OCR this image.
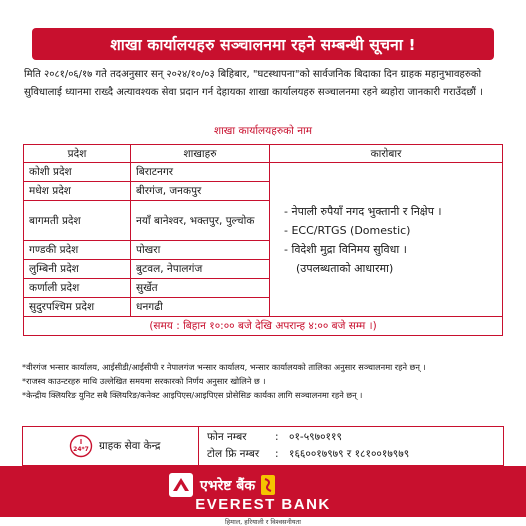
शाखा कार्यालयहरु सञ्चालनमा रहने सम्बन्धी सूचना !
मिति २०८१/०६/१७ गते तदअनुसार सन् २०२४/१०/०३ बिहिबार, "घटस्थापना"को सार्वजनिक बिदाका दिन ग्राहक महानुभावहरुको सुविधालाई ध्यानमा राख्दै अत्यावश्यक सेवा प्रदान गर्न देहायका शाखा कार्यालयहरु सञ्चालनमा रहने ब्यहोरा जानकारी गराउँदछौं ।
शाखा कार्यालयहरुको नाम
प्रदेश	शाखाहरु	कारोबार
कोशी प्रदेश	बिराटनगर	- नेपाली रुपैयाँ नगद भुक्तानी र निक्षेप ।
- ECC/RTGS (Domestic)
- विदेशी मुद्रा विनिमय सुविधा ।
(उपलब्धताको आधारमा)

मधेश प्रदेश	बीरगंज, जनकपुर	
बागमती प्रदेश	नयाँ बानेश्वर, भक्तपुर, पुल्चोक	
गण्डकी प्रदेश	पोखरा	
लुम्बिनी प्रदेश	बुटवल, नेपालगंज	
कर्णाली प्रदेश	सुर्खेत	
सुदुरपश्चिम प्रदेश	धनगढी	
(समय : बिहान १०:०० बजे देखि अपरान्ह ४:०० बजे सम्म ।)		

*वीरगंज भन्सार कार्यालय, आईसीडी/आईसीपी र नेपालगंज भन्सार कार्यालय, भन्सार कार्यालयको तालिका अनुसार सञ्चालनमा रहने छन् ।

*राजस्व काउन्टरहरु माथि उल्लेखित समयमा सरकारको निर्णय अनुसार खोलिने छ ।

*केन्द्रीय क्लियरिङ युनिट सबै क्लियरिङ/कनेक्ट आइपिएस/आइपिएस प्रोसेसिङ कार्यका लागि सञ्चालनमा रहने छन् ।

24*7 ग्राहक सेवा केन्द्र
फोन नम्बर	: ०१-५९७०११९
टोल फ्रि नम्बर	: १६६००१७९७९ र १८१००१७९७९
एभरेष्ट बैंक
EVEREST BANK
हिमाल, हरियाली र विश्वसनीयता
